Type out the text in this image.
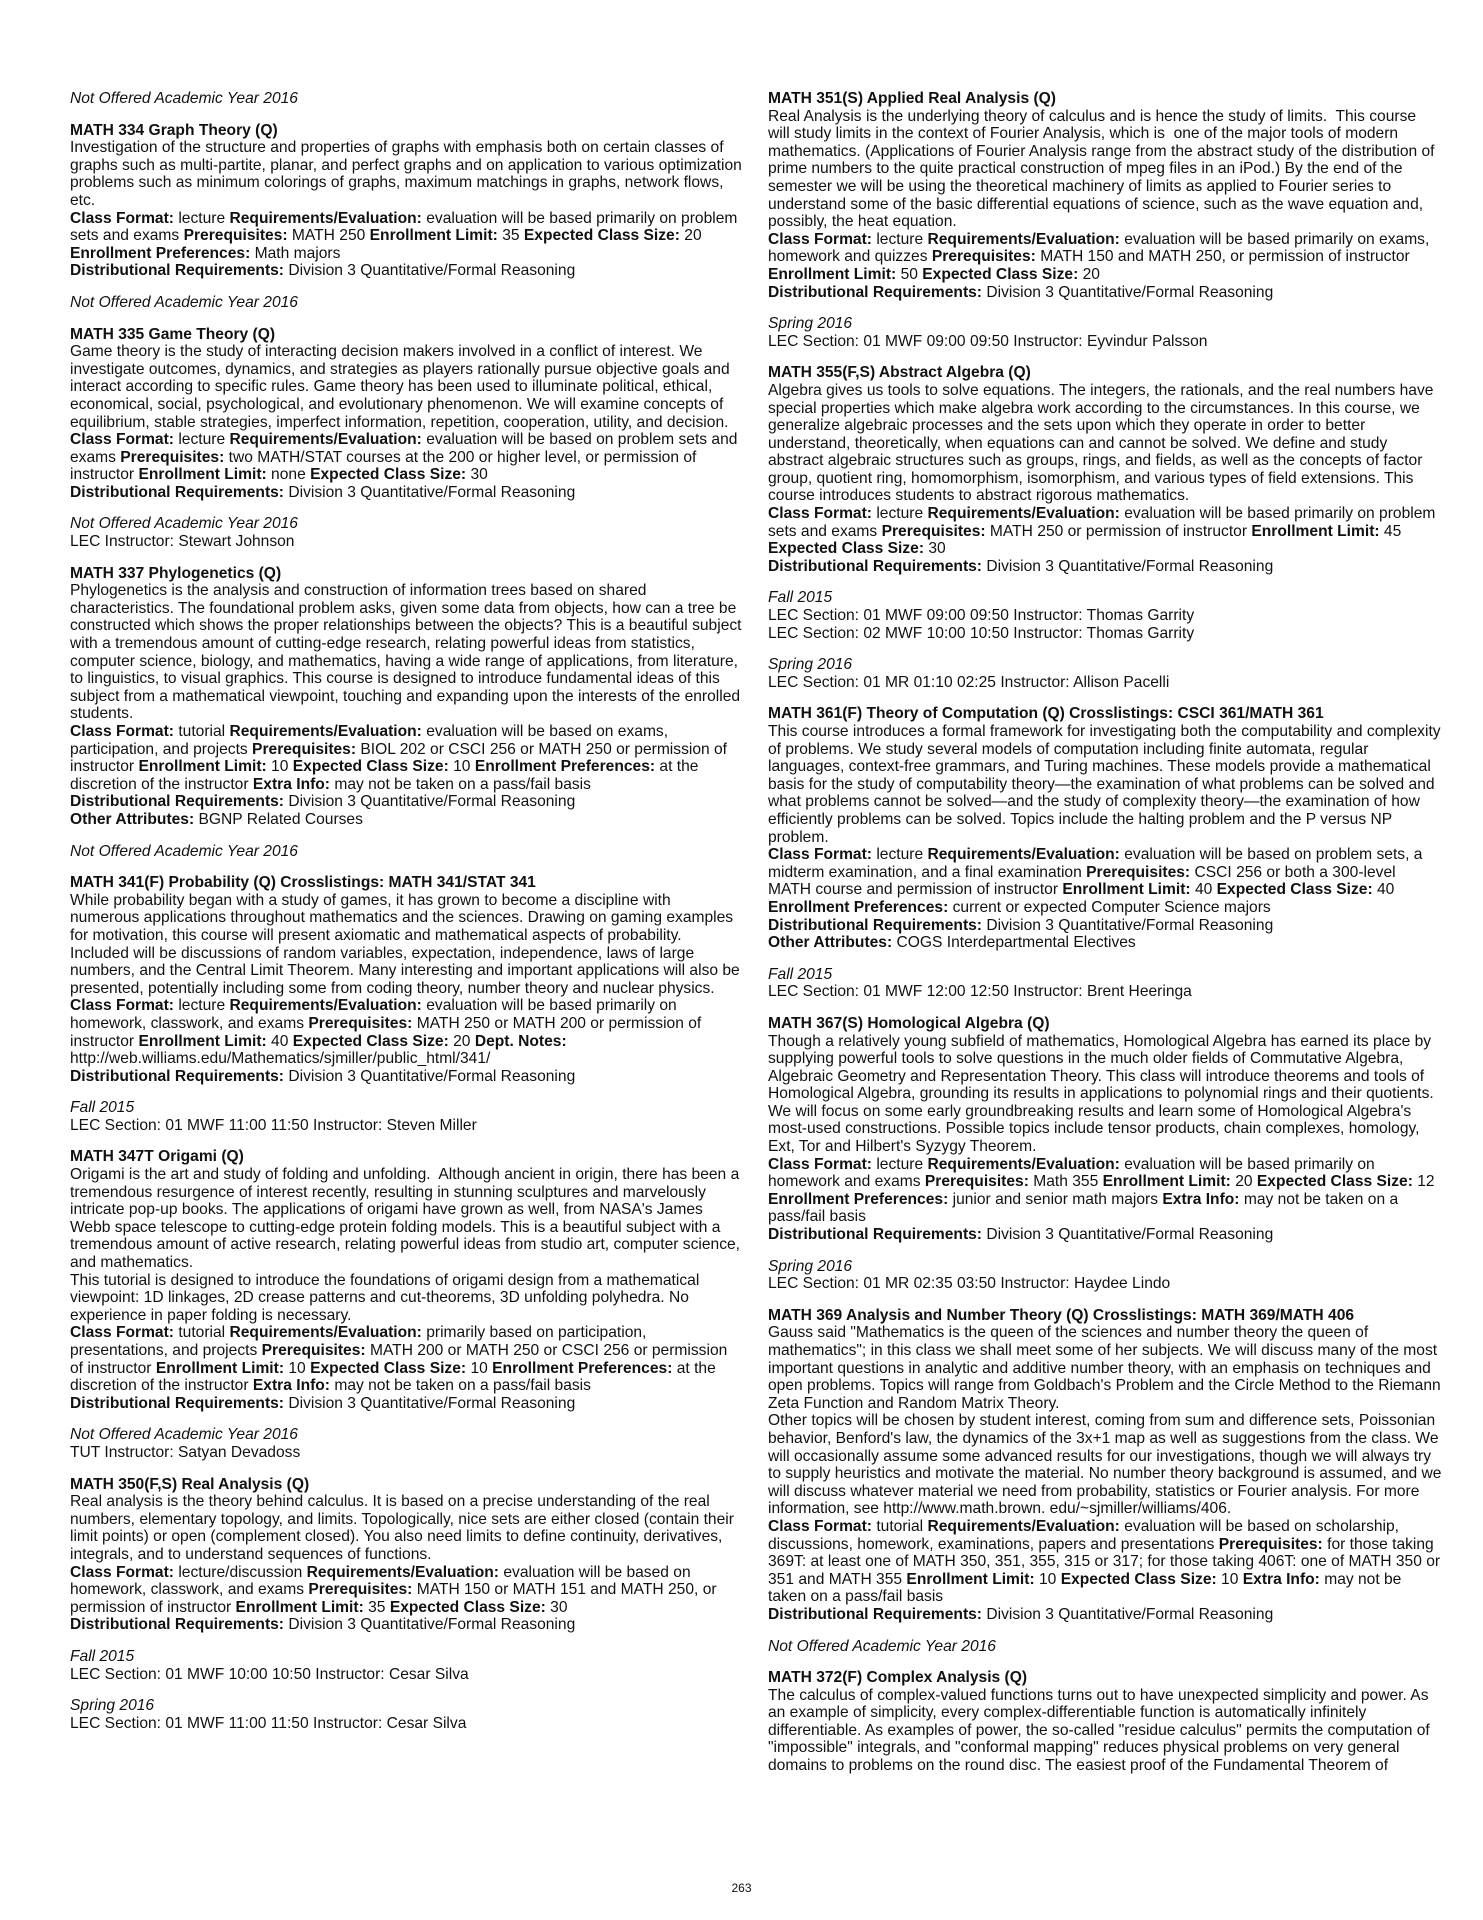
Not Offered Academic Year 2016
MATH 334 Graph Theory (Q)
Investigation of the structure and properties of graphs with emphasis both on certain classes of graphs such as multi-partite, planar, and perfect graphs and on application to various optimization problems such as minimum colorings of graphs, maximum matchings in graphs, network flows, etc.
Class Format: lecture Requirements/Evaluation: evaluation will be based primarily on problem sets and exams Prerequisites: MATH 250 Enrollment Limit: 35 Expected Class Size: 20 Enrollment Preferences: Math majors
Distributional Requirements: Division 3 Quantitative/Formal Reasoning
Not Offered Academic Year 2016
MATH 335 Game Theory (Q)
Game theory is the study of interacting decision makers involved in a conflict of interest. We investigate outcomes, dynamics, and strategies as players rationally pursue objective goals and interact according to specific rules. Game theory has been used to illuminate political, ethical, economical, social, psychological, and evolutionary phenomenon. We will examine concepts of equilibrium, stable strategies, imperfect information, repetition, cooperation, utility, and decision.
Class Format: lecture Requirements/Evaluation: evaluation will be based on problem sets and exams Prerequisites: two MATH/STAT courses at the 200 or higher level, or permission of instructor Enrollment Limit: none Expected Class Size: 30
Distributional Requirements: Division 3 Quantitative/Formal Reasoning
Not Offered Academic Year 2016
LEC Instructor: Stewart Johnson
MATH 337 Phylogenetics (Q)
Phylogenetics is the analysis and construction of information trees based on shared characteristics. The foundational problem asks, given some data from objects, how can a tree be constructed which shows the proper relationships between the objects? This is a beautiful subject with a tremendous amount of cutting-edge research, relating powerful ideas from statistics, computer science, biology, and mathematics, having a wide range of applications, from literature, to linguistics, to visual graphics. This course is designed to introduce fundamental ideas of this subject from a mathematical viewpoint, touching and expanding upon the interests of the enrolled students.
Class Format: tutorial Requirements/Evaluation: evaluation will be based on exams, participation, and projects Prerequisites: BIOL 202 or CSCI 256 or MATH 250 or permission of instructor Enrollment Limit: 10 Expected Class Size: 10 Enrollment Preferences: at the discretion of the instructor Extra Info: may not be taken on a pass/fail basis
Distributional Requirements: Division 3 Quantitative/Formal Reasoning
Other Attributes: BGNP Related Courses
Not Offered Academic Year 2016
MATH 341(F) Probability (Q) Crosslistings: MATH 341/STAT 341
While probability began with a study of games, it has grown to become a discipline with numerous applications throughout mathematics and the sciences. Drawing on gaming examples for motivation, this course will present axiomatic and mathematical aspects of probability. Included will be discussions of random variables, expectation, independence, laws of large numbers, and the Central Limit Theorem. Many interesting and important applications will also be presented, potentially including some from coding theory, number theory and nuclear physics.
Class Format: lecture Requirements/Evaluation: evaluation will be based primarily on homework, classwork, and exams Prerequisites: MATH 250 or MATH 200 or permission of instructor Enrollment Limit: 40 Expected Class Size: 20 Dept. Notes: http://web.williams.edu/Mathematics/sjmiller/public_html/341/
Distributional Requirements: Division 3 Quantitative/Formal Reasoning
Fall 2015
LEC Section: 01 MWF 11:00 11:50 Instructor: Steven Miller
MATH 347T Origami (Q)
Origami is the art and study of folding and unfolding.  Although ancient in origin, there has been a tremendous resurgence of interest recently, resulting in stunning sculptures and marvelously intricate pop-up books. The applications of origami have grown as well, from NASA's James Webb space telescope to cutting-edge protein folding models. This is a beautiful subject with a tremendous amount of active research, relating powerful ideas from studio art, computer science, and mathematics.
This tutorial is designed to introduce the foundations of origami design from a mathematical viewpoint: 1D linkages, 2D crease patterns and cut-theorems, 3D unfolding polyhedra. No experience in paper folding is necessary.
Class Format: tutorial Requirements/Evaluation: primarily based on participation, presentations, and projects Prerequisites: MATH 200 or MATH 250 or CSCI 256 or permission of instructor Enrollment Limit: 10 Expected Class Size: 10 Enrollment Preferences: at the discretion of the instructor Extra Info: may not be taken on a pass/fail basis
Distributional Requirements: Division 3 Quantitative/Formal Reasoning
Not Offered Academic Year 2016
TUT Instructor: Satyan Devadoss
MATH 350(F,S) Real Analysis (Q)
Real analysis is the theory behind calculus. It is based on a precise understanding of the real numbers, elementary topology, and limits. Topologically, nice sets are either closed (contain their limit points) or open (complement closed). You also need limits to define continuity, derivatives, integrals, and to understand sequences of functions.
Class Format: lecture/discussion Requirements/Evaluation: evaluation will be based on homework, classwork, and exams Prerequisites: MATH 150 or MATH 151 and MATH 250, or permission of instructor Enrollment Limit: 35 Expected Class Size: 30
Distributional Requirements: Division 3 Quantitative/Formal Reasoning
Fall 2015
LEC Section: 01 MWF 10:00 10:50 Instructor: Cesar Silva
Spring 2016
LEC Section: 01 MWF 11:00 11:50 Instructor: Cesar Silva
MATH 351(S) Applied Real Analysis (Q)
Real Analysis is the underlying theory of calculus and is hence the study of limits.  This course will study limits in the context of Fourier Analysis, which is  one of the major tools of modern mathematics. (Applications of Fourier Analysis range from the abstract study of the distribution of prime numbers to the quite practical construction of mpeg files in an iPod.) By the end of the semester we will be using the theoretical machinery of limits as applied to Fourier series to understand some of the basic differential equations of science, such as the wave equation and, possibly, the heat equation.
Class Format: lecture Requirements/Evaluation: evaluation will be based primarily on exams, homework and quizzes Prerequisites: MATH 150 and MATH 250, or permission of instructor Enrollment Limit: 50 Expected Class Size: 20
Distributional Requirements: Division 3 Quantitative/Formal Reasoning
Spring 2016
LEC Section: 01 MWF 09:00 09:50 Instructor: Eyvindur Palsson
MATH 355(F,S) Abstract Algebra (Q)
Algebra gives us tools to solve equations. The integers, the rationals, and the real numbers have special properties which make algebra work according to the circumstances. In this course, we generalize algebraic processes and the sets upon which they operate in order to better understand, theoretically, when equations can and cannot be solved. We define and study abstract algebraic structures such as groups, rings, and fields, as well as the concepts of factor group, quotient ring, homomorphism, isomorphism, and various types of field extensions. This course introduces students to abstract rigorous mathematics.
Class Format: lecture Requirements/Evaluation: evaluation will be based primarily on problem sets and exams Prerequisites: MATH 250 or permission of instructor Enrollment Limit: 45 Expected Class Size: 30
Distributional Requirements: Division 3 Quantitative/Formal Reasoning
Fall 2015
LEC Section: 01 MWF 09:00 09:50 Instructor: Thomas Garrity
LEC Section: 02 MWF 10:00 10:50 Instructor: Thomas Garrity
Spring 2016
LEC Section: 01 MR 01:10 02:25 Instructor: Allison Pacelli
MATH 361(F) Theory of Computation (Q) Crosslistings: CSCI 361/MATH 361
This course introduces a formal framework for investigating both the computability and complexity of problems. We study several models of computation including finite automata, regular languages, context-free grammars, and Turing machines. These models provide a mathematical basis for the study of computability theory—the examination of what problems can be solved and what problems cannot be solved—and the study of complexity theory—the examination of how efficiently problems can be solved. Topics include the halting problem and the P versus NP problem.
Class Format: lecture Requirements/Evaluation: evaluation will be based on problem sets, a midterm examination, and a final examination Prerequisites: CSCI 256 or both a 300-level MATH course and permission of instructor Enrollment Limit: 40 Expected Class Size: 40 Enrollment Preferences: current or expected Computer Science majors
Distributional Requirements: Division 3 Quantitative/Formal Reasoning
Other Attributes: COGS Interdepartmental Electives
Fall 2015
LEC Section: 01 MWF 12:00 12:50 Instructor: Brent Heeringa
MATH 367(S) Homological Algebra (Q)
Though a relatively young subfield of mathematics, Homological Algebra has earned its place by supplying powerful tools to solve questions in the much older fields of Commutative Algebra, Algebraic Geometry and Representation Theory. This class will introduce theorems and tools of Homological Algebra, grounding its results in applications to polynomial rings and their quotients. We will focus on some early groundbreaking results and learn some of Homological Algebra's most-used constructions. Possible topics include tensor products, chain complexes, homology, Ext, Tor and Hilbert's Syzygy Theorem.
Class Format: lecture Requirements/Evaluation: evaluation will be based primarily on homework and exams Prerequisites: Math 355 Enrollment Limit: 20 Expected Class Size: 12 Enrollment Preferences: junior and senior math majors Extra Info: may not be taken on a pass/fail basis
Distributional Requirements: Division 3 Quantitative/Formal Reasoning
Spring 2016
LEC Section: 01 MR 02:35 03:50 Instructor: Haydee Lindo
MATH 369 Analysis and Number Theory (Q) Crosslistings: MATH 369/MATH 406
Gauss said "Mathematics is the queen of the sciences and number theory the queen of mathematics"; in this class we shall meet some of her subjects. We will discuss many of the most important questions in analytic and additive number theory, with an emphasis on techniques and open problems. Topics will range from Goldbach's Problem and the Circle Method to the Riemann Zeta Function and Random Matrix Theory.
Other topics will be chosen by student interest, coming from sum and difference sets, Poissonian behavior, Benford's law, the dynamics of the 3x+1 map as well as suggestions from the class. We will occasionally assume some advanced results for our investigations, though we will always try to supply heuristics and motivate the material. No number theory background is assumed, and we will discuss whatever material we need from probability, statistics or Fourier analysis. For more information, see http://www.math.brown. edu/~sjmiller/williams/406.
Class Format: tutorial Requirements/Evaluation: evaluation will be based on scholarship, discussions, homework, examinations, papers and presentations Prerequisites: for those taking 369T: at least one of MATH 350, 351, 355, 315 or 317; for those taking 406T: one of MATH 350 or 351 and MATH 355 Enrollment Limit: 10 Expected Class Size: 10 Extra Info: may not be taken on a pass/fail basis
Distributional Requirements: Division 3 Quantitative/Formal Reasoning
Not Offered Academic Year 2016
MATH 372(F) Complex Analysis (Q)
The calculus of complex-valued functions turns out to have unexpected simplicity and power. As an example of simplicity, every complex-differentiable function is automatically infinitely differentiable. As examples of power, the so-called "residue calculus" permits the computation of "impossible" integrals, and "conformal mapping" reduces physical problems on very general domains to problems on the round disc. The easiest proof of the Fundamental Theorem of
263
